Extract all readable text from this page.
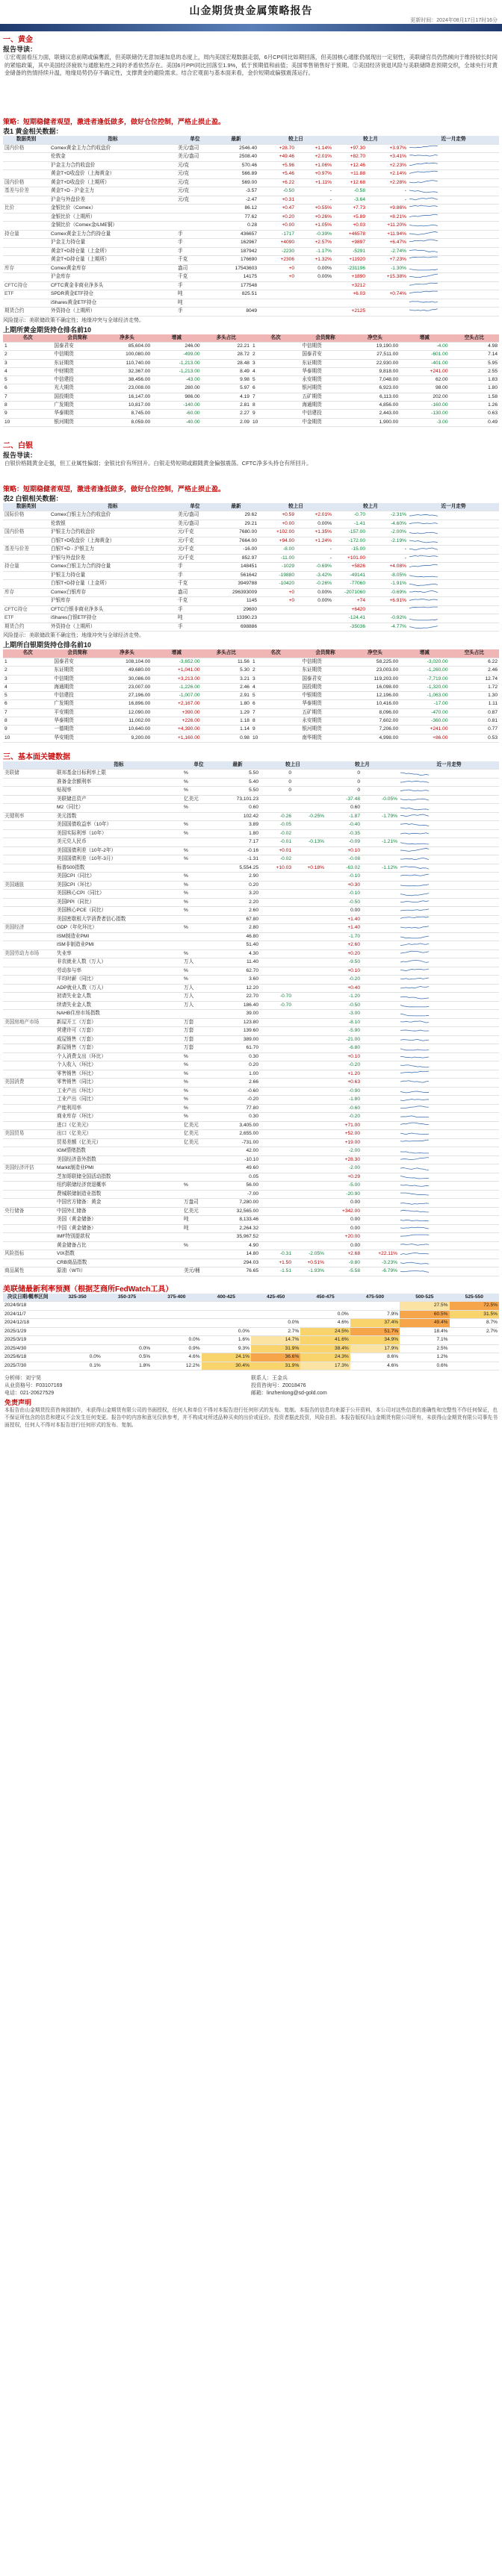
山金期货贵金属策略报告
更新时间：2024年08月17日17时16分
一、黄金
报告导读：
①宏观面看压力面，联储议息前期或偏鹰派，但美联储仍无意加速加息的态度上，周内美国宏观数据走弱，6月CPI同比如期回落，但美国核心通胀仍展现出一定韧性，美联储官员仍然倾向于维持较长时间的紧缩政策，其中美国经济疲软与通胀粘性之间的矛盾依然存在。美国6月PPI同比回落至1.9%，低于预期值和前值；美国零售销售好于预期。②美国经济衰退风险与美联储降息预期交织，全球央行对黄金储备的热情持续升温，地缘局势仍存不确定性，支撑黄金的避险需求。结合宏观面与基本面来看，金价短期或偏强震荡运行。
策略：短期稳健者观望，激进者逢低做多，做好仓位控制，严格止损止盈。
表1 黄金相关数据：
数据类别	指标	单位	最新	较上日		较上月		近一月走势
国内价格	Comex黄金主力合约收盘价	美元/盎司	2546.40	+28.70	+1.14%	+97.30	+3.97%	
	伦敦金	美元/盎司	2508.40	+49.46	+2.01%	+82.70	+3.41%	
	沪金主力合约收盘价	元/克	570.46	+5.96	+1.06%	+12.46	+2.23%	
	黄金T+D收盘价（上海黄金）	元/克	566.89	+5.46	+0.97%	+11.88	+2.14%	
国内价格	黄金T+D收盘价（上期所）	元/克	569.00	+6.22	+1.11%	+12.68	+2.28%	
基差与价差	黄金T+D - 沪金主力	元/克	-3.57	-0.50	-	-0.58	-	
	沪金与外盘价差	元/克	-2.47	+0.31	-	-3.64	-	
比价	金银比价（Comex）		86.12	+0.47	+0.55%	+7.73	+9.86%	
	金银比价（上期所）		77.62	+0.20	+0.26%	+5.89	+8.21%	
	金铜比价（Comex金/LME铜）		0.28	+0.00	+1.05%	+0.03	+11.20%	
持仓量	Comex黄金主力合约持仓量	手	436657	-1717	-0.39%	+46578	+11.94%	
	沪金主力持仓量	手	162967	+4090	+2.57%	+9897	+6.47%	
	黄金T+D持仓量（上金所）	手	187942	-2230	-1.17%	-5291	-2.74%	
	黄金T+D持仓量（上期所）	千克	176690	+2306	+1.32%	+11920	+7.23%	
库存	Comex黄金库存	盎司	17543603	+0	0.00%	-231196	-1.30%	
	沪金库存	千克	14175	+0	0.00%	+1890	+15.38%	
CFTC持仓	CFTC黄金非商业净多头	手	177548			+3212		
ETF	SPDR黄金ETF持仓	吨	825.51			+6.03	+0.74%	
	iShares黄金ETF持仓	吨						
期货合约	外资持仓（上期所）	手	8049			+2125		
风险提示：美联储政策不确定性；地缘冲突与全球经济走势。
上期所黄金期货持仓排名前10
名次	会员简称	净多头	增减	多头占比	名次	会员简称	净空头	增减	空头占比
1	国泰君安	85,604.00	246.00	22.21	1	中信期货	19,190.00	-4.00	4.98
2	中信期货	100,080.00	-499.00	28.72	2	国泰君安	27,511.00	-601.00	7.14
3	东证期货	110,740.00	-1,213.00	28.48	3	东证期货	22,930.00	-401.00	5.95
4	中财期货	32,367.00	-1,213.00	8.49	4	华泰期货	9,818.00	+241.00	2.55
5	中信建投	38,456.00	-43.00	9.98	5	永安期货	7,048.00	62.00	1.83
6	光大期货	23,008.00	280.00	5.97	6	银河期货	6,923.00	98.00	1.80
7	国投期货	16,147.00	986.00	4.19	7	五矿期货	6,113.00	202.00	1.58
8	广发期货	10,817.00	-140.00	2.81	8	海通期货	4,856.00	-160.00	1.26
9	华泰期货	8,745.00	-60.00	2.27	9	中信建投	2,443.00	-130.00	0.63
10	银河期货	8,059.00	-40.00	2.09	10	中金期货	1,900.00	-3.00	0.49
二、白银
报告导读：
白银价格随黄金走强，但工业属性偏弱；金银比价有所回升。白银走势短期或跟随黄金偏强震荡。CFTC净多头持仓有所回升。
策略：短期稳健者观望，激进者逢低做多，做好仓位控制，严格止损止盈。
表2 白银相关数据：
数据类别	指标	单位	最新	较上日		较上月		近一月走势
国际价格	Comex白银主力合约收盘价	美元/盎司	29.62	+0.59	+2.01%	-0.70	-2.31%	
	伦敦银	美元/盎司	29.21	+0.00	0.00%	-1.41	-4.60%	
国内价格	沪银主力合约收盘价	元/千克	7680.00	+102.00	+1.35%	-157.00	-2.00%	
	白银T+D收盘价（上海黄金）	元/千克	7664.00	+94.00	+1.24%	-172.00	-2.19%	
基差与价差	白银T+D - 沪银主力	元/千克	-16.00	-8.00	-	-15.00	-	
	沪银与外盘价差	元/千克	852.97	-11.00	-	+101.00	-	
持仓量	Comex白银主力合约持仓量	手	148451	-1029	-0.69%	+5826	+4.08%	
	沪银主力持仓量	手	561642	-19880	-3.42%	-49141	-8.05%	
	白银T+D持仓量（上金所）	千克	3949788	-10420	-0.26%	-77060	-1.91%	
库存	Comex白银库存	盎司	296393009	+0	0.00%	-2071060	-0.69%	
	沪银库存	千克	1145	+0	0.00%	+74	+6.91%	
CFTC持仓	CFTC白银非商业净多头	手	29600			+6420		
ETF	iShares白银ETF持仓	吨	13390.23			-124.41	-0.92%	
期货合约	外资持仓（上期所）	手	698886			-35036	-4.77%	
风险提示：美联储政策不确定性；地缘冲突与全球经济走势。
上期所白银期货持仓排名前10
名次	会员简称	净多头	增减	多头占比	名次	会员简称	净空头	增减	空头占比
1	国泰君安	108,104.00	-3,652.00	11.56	1	中信期货	58,225.00	-3,020.00	6.22
2	东证期货	49,680.00	+1,041.00	5.30	2	东证期货	23,003.00	-1,260.00	2.46
3	中信期货	30,086.00	+3,213.00	3.21	3	国泰君安	119,203.00	-7,719.00	12.74
4	海通期货	23,007.00	-1,226.00	2.46	4	国投期货	16,098.00	-1,320.00	1.72
5	中信建投	27,196.00	-1,007.00	2.91	5	中银期货	12,196.00	-1,063.00	1.30
6	广发期货	16,896.00	+2,167.00	1.80	6	华泰期货	10,416.00	-17.00	1.11
7	平安期货	12,090.00	+390.00	1.29	7	五矿期货	8,096.00	-470.00	0.87
8	华泰期货	11,002.00	+226.00	1.18	8	永安期货	7,602.00	-360.00	0.81
9	一德期货	10,640.00	+4,390.00	1.14	9	银河期货	7,206.00	+241.00	0.77
10	华安期货	9,200.00	+1,160.00	0.98	10	南华期货	4,998.00	+86.00	0.53
三、基本面关键数据
	指标	单位	最新	较上日		较上月		近一月走势
美联储	联邦基金目标利率上限	%	5.50	0		0		
	准备金余额利率	%	5.40	0		0		
	贴现率	%	5.50	0		0		
	美联储总资产	亿美元	73,101.23			-37.48	-0.05%	
	M2（同比）	%	0.60			0.60		
关键利率	美元指数		102.42	-0.26	-0.25%	-1.87	-1.79%	
	美国国债收益率（10年）	%	3.89	-0.05		-0.40		
	美国实际利率（10年）	%	1.80	-0.02		-0.35		
	美元兑人民币		7.17	-0.01	-0.13%	-0.09	-1.21%	
	美国国债利差（10年-2年）	%	-0.16	+0.01		+0.10		
	美国国债利差（10年-3月）	%	-1.31	-0.02		-0.08		
	标普500指数		5,554.25	+10.03	+0.18%	-63.02	-1.12%	
	美国CPI（同比）	%	2.90			-0.10		
美国通胀	美国CPI（环比）	%	0.20			+0.30		
	美国核心CPI（同比）	%	3.20			-0.10		
	美国PPI（同比）	%	2.20			-0.50		
	美国核心PCE（同比）	%	2.60			0.00		
	美国密歇根大学消费者信心指数		67.80			+1.40		
美国经济	GDP（年化环比）	%	2.80			+1.40		
	ISM制造业PMI		46.80			-1.70		
	ISM非制造业PMI		51.40			+2.60		
美国劳动力市场	失业率	%	4.30			+0.20		
	非农就业人数（万人）	万人	11.40			-9.50		
	劳动参与率	%	62.70			+0.10		
	平均时薪（同比）	%	3.60			-0.20		
	ADP就业人数（万人）	万人	12.20			+0.40		
	初请失业金人数	万人	22.70	-0.70		-1.20		
	续请失业金人数	万人	186.40	-0.70		-0.50		
	NAHB住房市场指数		39.00			-3.00		
美国房地产市场	新屋开工（万套）	万套	123.80			-8.10		
	营建许可（万套）	万套	139.60			-5.90		
	成屋销售（万套）	万套	389.00			-21.00		
	新屋销售（万套）	万套	61.70			-6.80		
	个人消费支出（环比）	%	0.30			+0.10		
	个人收入（环比）	%	0.20			-0.20		
	零售销售（环比）	%	1.00			+1.20		
美国消费	零售销售（同比）	%	2.66			+0.63		
	工业产出（环比）	%	-0.60			-0.90		
	工业产出（同比）	%	-0.20			-1.80		
	产能利用率	%	77.80			-0.60		
	商业库存（环比）	%	0.30			-0.20		
	进口（亿美元）	亿美元	3,405.00			+71.00		
美国贸易	出口（亿美元）	亿美元	2,655.00			+52.00		
	贸易差额（亿美元）	亿美元	-731.00			+19.00		
	IGM情绪指数		42.00			-2.00		
	美国经济意外指数		-10.10			+28.30		
美国经济评估	Markit制造业PMI		49.60			-2.00		
	芝加哥联储全国活动指数		0.05			+0.29		
	纽约联储经济衰退概率	%	56.00			-5.00		
	费城联储制造业指数		-7.00			-20.90		
	中国官方储备：黄金	万盎司	7,280.00			0.00		
央行储备	中国外汇储备	亿美元	32,565.00			+342.00		
	美国（黄金储备）	吨	8,133.46			0.00		
	中国（黄金储备）	吨	2,264.32			0.00		
	IMF特别提款权		35,967.52			+20.00		
	黄金储备占比	%	4.90			0.00		
风险指标	VIX指数		14.80	-0.31	-2.05%	+2.68	+22.11%	
	CRB商品指数		294.03	+1.50	+0.51%	-9.80	-3.23%	
商品属性	原油（WTI）	美元/桶	76.65	-1.51	-1.93%	-5.58	-6.79%	
美联储最新利率预测（根据芝商所FedWatch工具）
决议日期/概率区间	325-350	350-375	375-400	400-425	425-450	450-475	475-500	500-525	525-550
2024/9/18								27.5%	72.5%
2024/11/7						0.0%	7.9%	60.5%	31.5%
2024/12/18					0.0%	4.6%	37.4%	49.4%	8.7%
2025/1/29				0.0%	2.7%	24.5%	51.7%	18.4%	2.7%
2025/3/19			0.0%	1.6%	14.7%	41.6%	34.9%	7.1%	
2025/4/30		0.0%	0.9%	9.3%	31.9%	38.4%	17.9%	2.5%	
2025/6/18	0.0%	0.5%	4.6%	24.1%	36.6%	24.3%	8.6%	1.2%	
2025/7/30	0.1%	1.8%	12.2%	30.4%	31.9%	17.3%	4.6%	0.6%	
分析师：刘宁昊	联系人：王金兵
从业资格号：F03107169	投资咨询号：Z0018476
电话：021-20627529	邮箱：linzhenlong@sd-gold.com
免责声明
本报告由山金期货投资咨询部制作，未获得山金期货有限公司的书面授权，任何人和单位不得对本报告进行任何形式的发布、复制。本报告的信息均来源于公开资料，本公司对这些信息的准确性和完整性不作任何保证，也不保证所包含的信息和建议不会发生任何变更。报告中的内容和意见仅供参考，并不构成对所述品种买卖的出价或征价。投资者据此投资，风险自担。本报告版权归山金期货有限公司所有，未获得山金期货有限公司事先书面授权，任何人不得对本报告进行任何形式的发布、复制。
